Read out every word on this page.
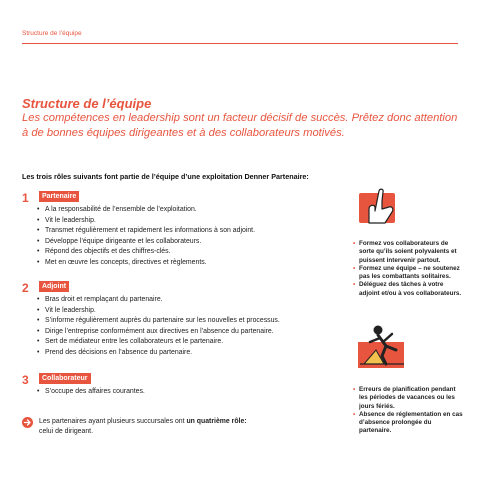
Structure de l’équipe
Structure de l’équipe
Les compétences en leadership sont un facteur décisif de succès. Prêtez donc attention à de bonnes équipes dirigeantes et à des collaborateurs motivés.
Les trois rôles suivants font partie de l’équipe d’une exploitation Denner Partenaire:
1	Partenaire
• A la responsabilité de l’ensemble de l’exploitation.
• Vit le leadership.
• Transmet régulièrement et rapidement les informations à son adjoint.
• Développe l’équipe dirigeante et les collaborateurs.
• Répond des objectifs et des chiffres-clés.
• Met en œuvre les concepts, directives et règlements.
2	Adjoint
• Bras droit et remplaçant du partenaire.
• Vit le leadership.
• S’informe régulièrement auprès du partenaire sur les nouvelles et processus.
• Dirige l’entreprise conformément aux directives en l’absence du partenaire.
• Sert de médiateur entre les collaborateurs et le partenaire.
• Prend des décisions en l’absence du partenaire.
3	Collaborateur
• S’occupe des affaires courantes.
Les partenaires ayant plusieurs succursales ont un quatrième rôle:
celui de dirigeant.
• Formez vos collaborateurs de sorte qu’ils soient polyvalents et puissent intervenir partout.
• Formez une équipe – ne soutenez pas les combattants solitaires.
• Déléguez des tâches à votre adjoint et/ou à vos collaborateurs.
• Erreurs de planification pendant les périodes de vacances ou les jours fériés.
• Absence de réglementation en cas d’absence prolongée du partenaire.
